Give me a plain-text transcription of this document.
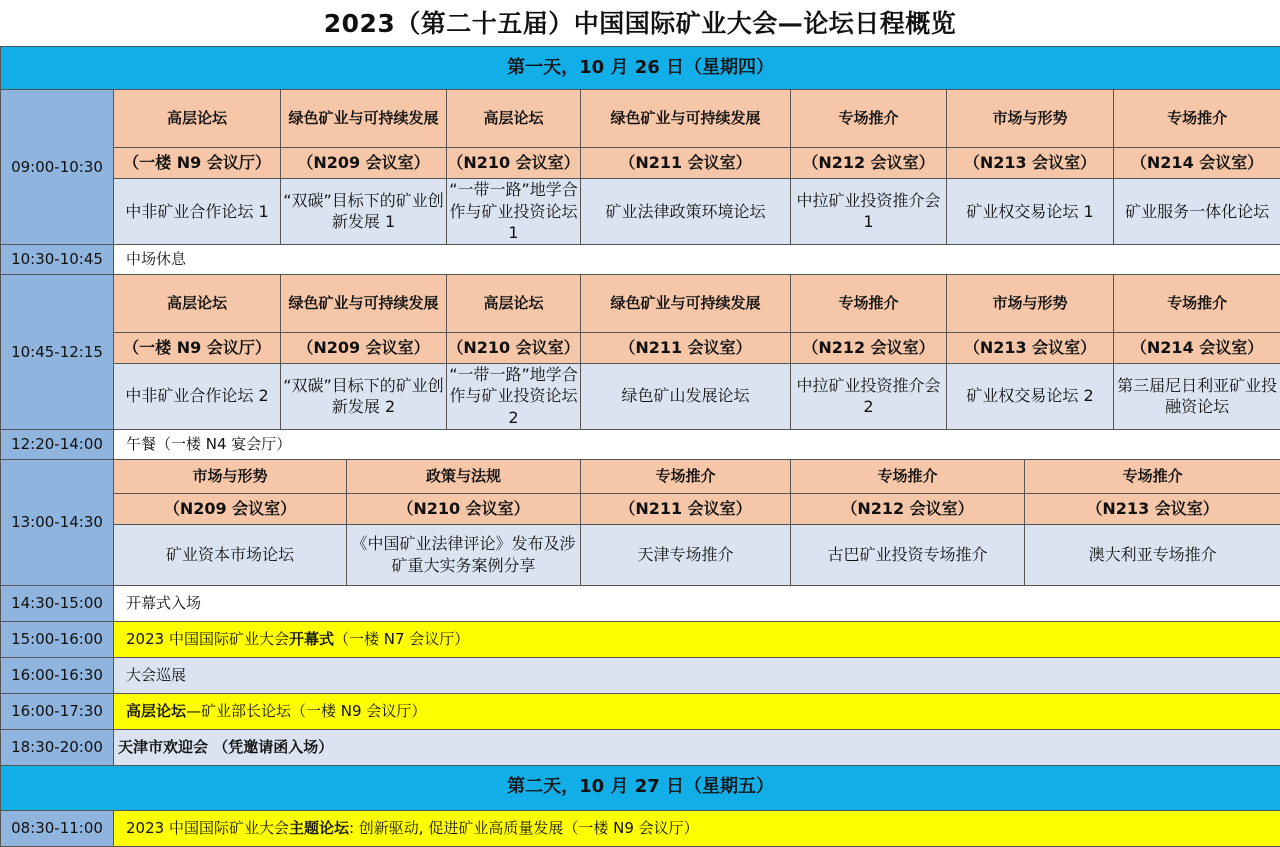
2023（第二十五届）中国国际矿业大会—论坛日程概览
第一天，10 月 26 日（星期四）									
09:00-10:30	高层论坛	绿色矿业与可持续发展		高层论坛	绿色矿业与可持续发展	专场推介	市场与形势		专场推介
	（一楼 N9 会议厅）	（N209 会议室）		（N210 会议室）	（N211 会议室）	（N212 会议室）	（N213 会议室）		（N214 会议室）
	中非矿业合作论坛 1	“双碳”目标下的矿业创新发展 1		“一带一路”地学合作与矿业投资论坛 1	矿业法律政策环境论坛	中拉矿业投资推介会 1	矿业权交易论坛 1		矿业服务一体化论坛
10:30-10:45	中场休息								
10:45-12:15	高层论坛	绿色矿业与可持续发展		高层论坛	绿色矿业与可持续发展	专场推介	市场与形势		专场推介
	（一楼 N9 会议厅）	（N209 会议室）		（N210 会议室）	（N211 会议室）	（N212 会议室）	（N213 会议室）		（N214 会议室）
	中非矿业合作论坛 2	“双碳”目标下的矿业创新发展 2		“一带一路”地学合作与矿业投资论坛 2	绿色矿山发展论坛	中拉矿业投资推介会 2	矿业权交易论坛 2		第三届尼日利亚矿业投融资论坛
12:20-14:00	午餐（一楼 N4 宴会厅）								
13:00-14:30	市场与形势		政策与法规		专场推介	专场推介		专场推介	
	（N209 会议室）		（N210 会议室）		（N211 会议室）	（N212 会议室）		（N213 会议室）	
	矿业资本市场论坛		《中国矿业法律评论》发布及涉矿重大实务案例分享		天津专场推介	古巴矿业投资专场推介		澳大利亚专场推介	
14:30-15:00	开幕式入场								
15:00-16:00	2023 中国国际矿业大会开幕式（一楼 N7 会议厅）								
16:00-16:30	大会巡展								
16:00-17:30	高层论坛—矿业部长论坛（一楼 N9 会议厅）								
18:30-20:00	天津市欢迎会 （凭邀请函入场）								
第二天，10 月 27 日（星期五）									
08:30-11:00	2023 中国国际矿业大会主题论坛: 创新驱动, 促进矿业高质量发展（一楼 N9 会议厅）								
